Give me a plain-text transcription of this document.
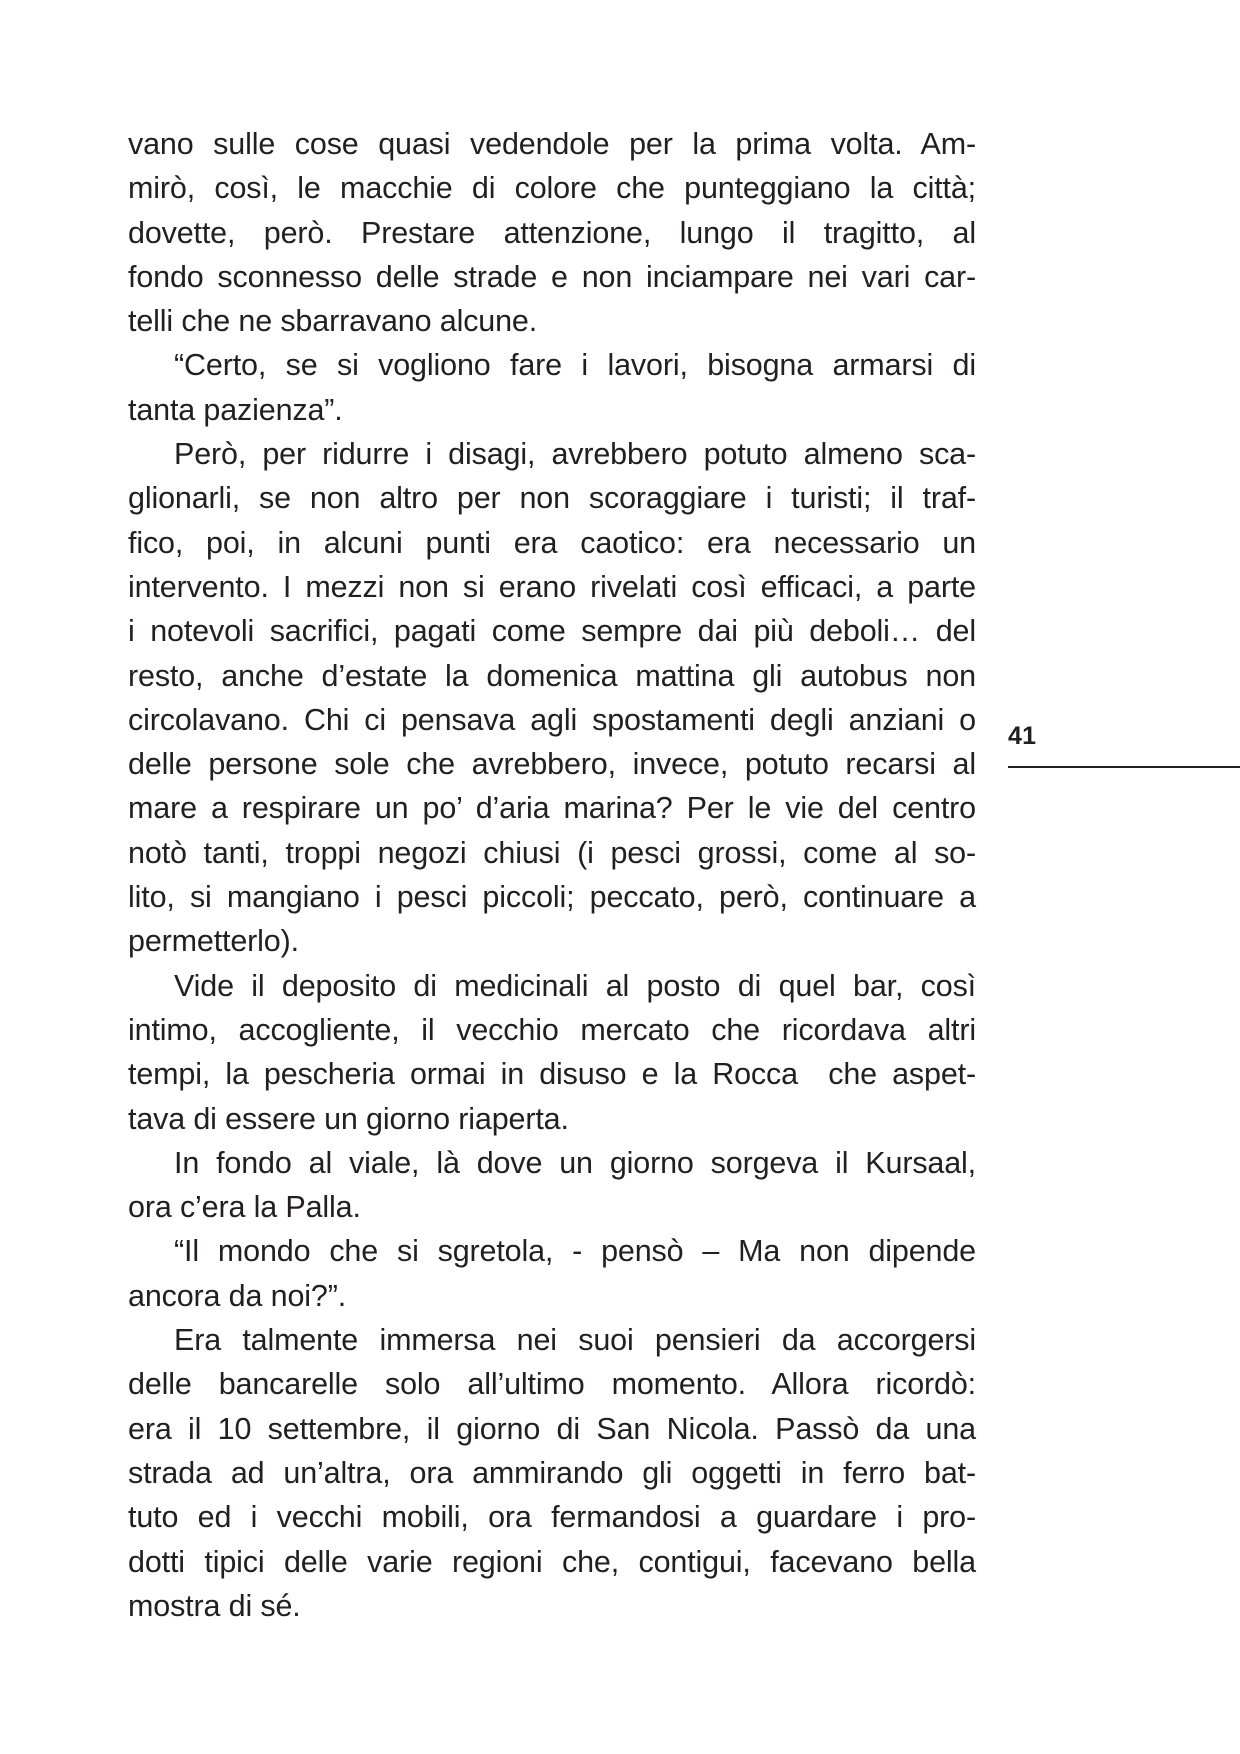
vano sulle cose quasi vedendole per la prima volta. Am-
mirò, così, le macchie di colore che punteggiano la città;
dovette, però. Prestare attenzione, lungo il tragitto, al
fondo sconnesso delle strade e non inciampare nei vari car-
telli che ne sbarravano alcune.

“Certo, se si vogliono fare i lavori, bisogna armarsi di
tanta pazienza”.

Però, per ridurre i disagi, avrebbero potuto almeno sca-
glionarli, se non altro per non scoraggiare i turisti; il traf-
fico, poi, in alcuni punti era caotico: era necessario un
intervento. I mezzi non si erano rivelati così efficaci, a parte
i notevoli sacrifici, pagati come sempre dai più deboli… del
resto, anche d’estate la domenica mattina gli autobus non
circolavano. Chi ci pensava agli spostamenti degli anziani o
delle persone sole che avrebbero, invece, potuto recarsi al
mare a respirare un po’ d’aria marina? Per le vie del centro
notò tanti, troppi negozi chiusi (i pesci grossi, come al so-
lito, si mangiano i pesci piccoli; peccato, però, continuare a
permetterlo).

Vide il deposito di medicinali al posto di quel bar, così
intimo, accogliente, il vecchio mercato che ricordava altri
tempi, la pescheria ormai in disuso e la Rocca  che aspet-
tava di essere un giorno riaperta.

In fondo al viale, là dove un giorno sorgeva il Kursaal,
ora c’era la Palla.

“Il mondo che si sgretola, - pensò – Ma non dipende
ancora da noi?”.

Era talmente immersa nei suoi pensieri da accorgersi
delle bancarelle solo all’ultimo momento. Allora ricordò:
era il 10 settembre, il giorno di San Nicola. Passò da una
strada ad un’altra, ora ammirando gli oggetti in ferro bat-
tuto ed i vecchi mobili, ora fermandosi a guardare i pro-
dotti tipici delle varie regioni che, contigui, facevano bella
mostra di sé.

41
